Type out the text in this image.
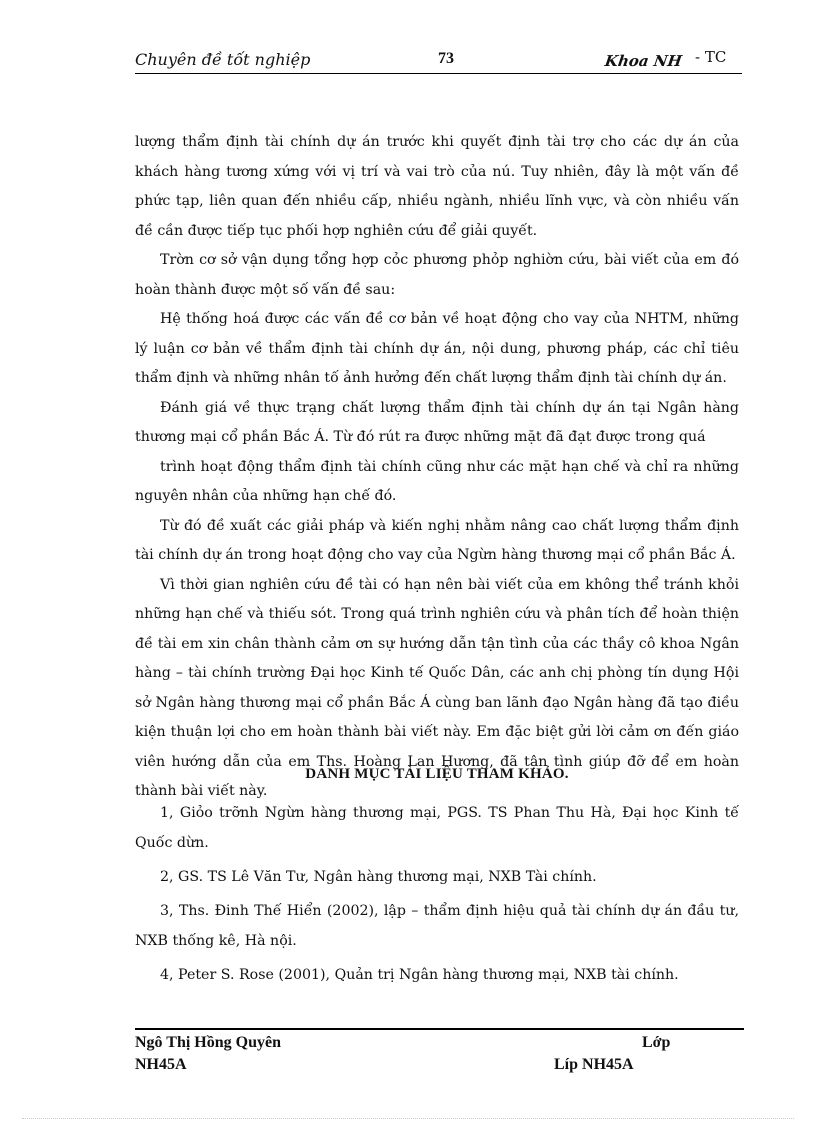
Chuyên đề tốt nghiệp	73	Khoa NH - TC

lượng thẩm định tài chính dự án trước khi quyết định tài trợ cho các dự án của khách hàng tương xứng với vị trí và vai trò của nú. Tuy nhiên, đây là một vấn đề phức tạp, liên quan đến nhiều cấp, nhiều ngành, nhiều lĩnh vực, và còn nhiều vấn đề cần được tiếp tục phối hợp nghiên cứu để giải quyết.

Trờn cơ sở vận dụng tổng hợp cỏc phương phỏp nghiờn cứu, bài viết của em đó hoàn thành được một số vấn đề sau:

Hệ thống hoá được các vấn đề cơ bản về hoạt động cho vay của NHTM, những lý luận cơ bản về thẩm định tài chính dự án, nội dung, phương pháp, các chỉ tiêu thẩm định và những nhân tố ảnh hưởng đến chất lượng thẩm định tài chính dự án.

Đánh giá về thực trạng chất lượng thẩm định tài chính dự án tại Ngân hàng thương mại cổ phần Bắc Á. Từ đó rút ra được những mặt đã đạt được trong quá

trình hoạt động thẩm định tài chính cũng như các mặt hạn chế và chỉ ra những nguyên nhân của những hạn chế đó.

Từ đó đề xuất các giải pháp và kiến nghị nhằm nâng cao chất lượng thẩm định tài chính dự án trong hoạt động cho vay của Ngừn hàng thương mại cổ phần Bắc Á.

Vì thời gian nghiên cứu đề tài có hạn nên bài viết của em không thể tránh khỏi những hạn chế và thiếu sót. Trong quá trình nghiên cứu và phân tích để hoàn thiện đề tài em xin chân thành cảm ơn sự hướng dẫn tận tình của các thầy cô khoa Ngân hàng – tài chính trường Đại học Kinh tế Quốc Dân, các anh chị phòng tín dụng Hội sở Ngân hàng thương mại cổ phần Bắc Á cùng ban lãnh đạo Ngân hàng đã tạo điều kiện thuận lợi cho em hoàn thành bài viết này. Em đặc biệt gửi lời cảm ơn đến giáo viên hướng dẫn của em Ths. Hoàng Lan Hương, đã tận tình giúp đỡ để em hoàn thành bài viết này.

DANH MỤC TÀI LIỆU THAM KHẢO.

1, Giỏo trỡnh Ngừn hàng thương mại, PGS. TS Phan Thu Hà, Đại học Kinh tế Quốc dừn.

2, GS. TS Lê Văn Tư, Ngân hàng thương mại, NXB Tài chính.

3, Ths. Đinh Thế Hiển (2002), lập – thẩm định hiệu quả tài chính dự án đầu tư, NXB thống kê, Hà nội.

4, Peter S. Rose (2001), Quản trị Ngân hàng thương mại, NXB tài chính.

Ngô Thị Hồng Quyên	Lớp
NH45A	Líp NH45A
